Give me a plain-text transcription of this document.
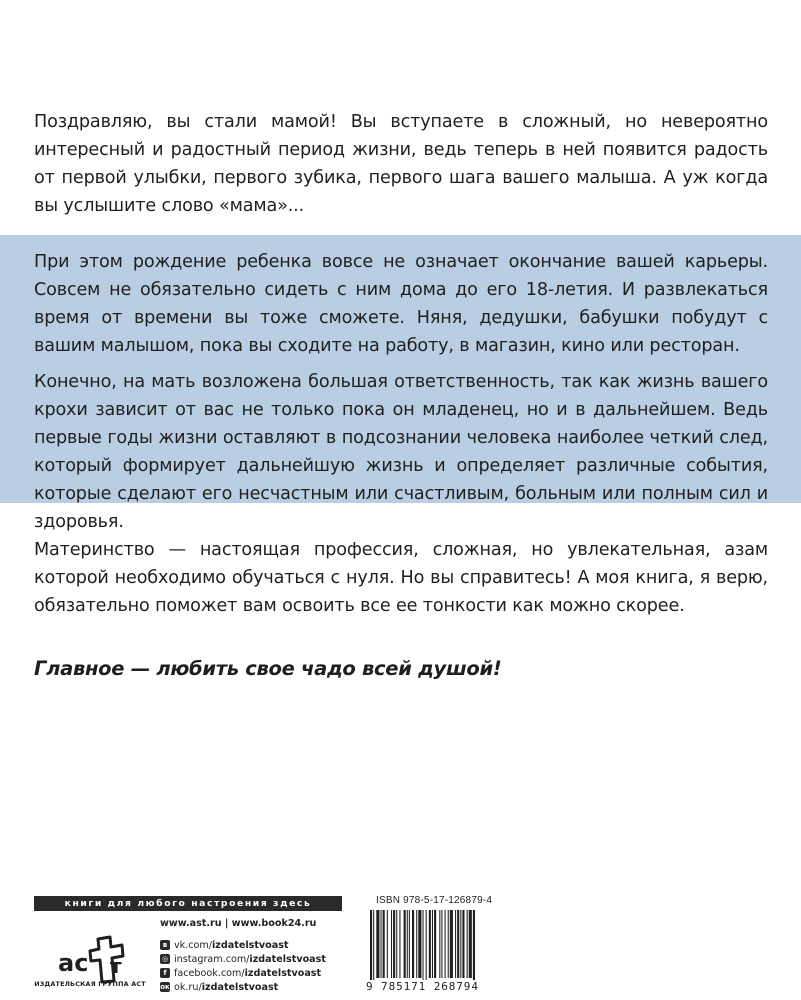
Поздравляю, вы стали мамой! Вы вступаете в сложный, но невероятно интересный и радостный период жизни, ведь теперь в ней появится радость от первой улыбки, первого зубика, первого шага вашего малыша. А уж когда вы услышите слово «мама»...

При этом рождение ребенка вовсе не означает окончание вашей карьеры. Совсем не обязательно сидеть с ним дома до его 18-летия. И развлекаться время от времени вы тоже сможете. Няня, дедушки, бабушки побудут с вашим малышом, пока вы сходите на работу, в магазин, кино или ресторан.

Конечно, на мать возложена большая ответственность, так как жизнь вашего крохи зависит от вас не только пока он младенец, но и в дальнейшем. Ведь первые годы жизни оставляют в подсознании человека наиболее четкий след, который формирует дальнейшую жизнь и определяет различные события, которые сделают его несчастным или счастливым, больным или полным сил и здоровья.

Материнство — настоящая профессия, сложная, но увлекательная, азам которой необходимо обучаться с нуля. Но вы справитесь! А моя книга, я верю, обязательно поможет вам освоить все ее тонкости как можно скорее.

Главное — любить свое чадо всей душой!

книги для любого настроения здесь
ас т
ИЗДАТЕЛЬСКАЯ ГРУППА АСТ
www.ast.ru | www.book24.ru
в vk.com/ izdatelstvoast
◎ instagram.com/ izdatelstvoast
f facebook.com/ izdatelstvoast
ок ok.ru/ izdatelstvoast
ISBN 978-5-17-126879-4
9 785171 268794
